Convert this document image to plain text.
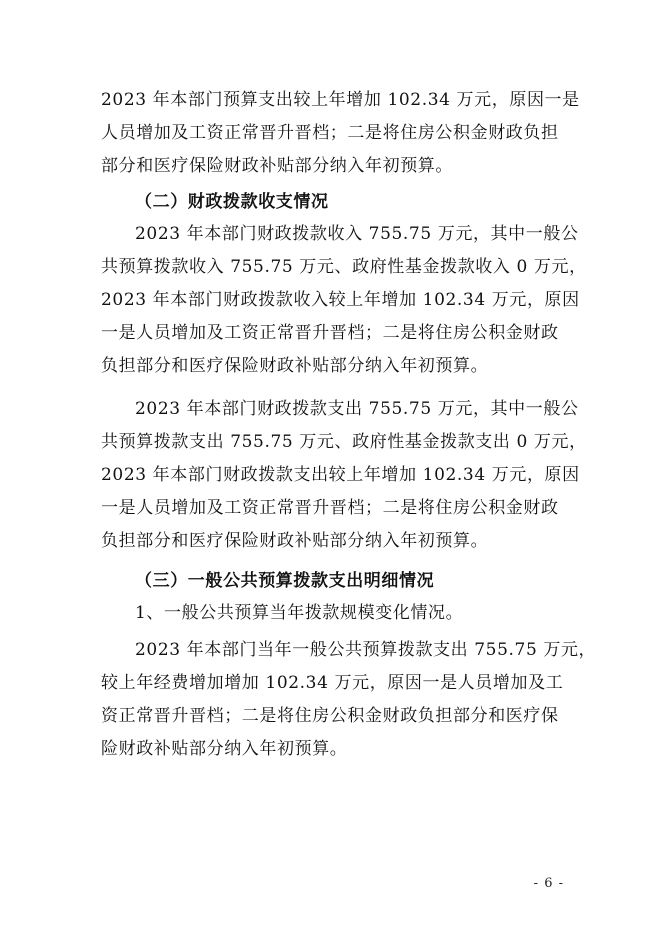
2023 年本部门预算支出较上年增加 102.34 万元，原因一是
人员增加及工资正常晋升晋档；二是将住房公积金财政负担
部分和医疗保险财政补贴部分纳入年初预算。
（二）财政拨款收支情况
2023 年本部门财政拨款收入 755.75 万元，其中一般公
共预算拨款收入 755.75 万元、政府性基金拨款收入 0 万元，
2023 年本部门财政拨款收入较上年增加 102.34 万元，原因
一是人员增加及工资正常晋升晋档；二是将住房公积金财政
负担部分和医疗保险财政补贴部分纳入年初预算。
2023 年本部门财政拨款支出 755.75 万元，其中一般公
共预算拨款支出 755.75 万元、政府性基金拨款支出 0 万元，
2023 年本部门财政拨款支出较上年增加 102.34 万元，原因
一是人员增加及工资正常晋升晋档；二是将住房公积金财政
负担部分和医疗保险财政补贴部分纳入年初预算。
（三）一般公共预算拨款支出明细情况
1、一般公共预算当年拨款规模变化情况。
2023 年本部门当年一般公共预算拨款支出 755.75 万元，
较上年经费增加增加 102.34 万元，原因一是人员增加及工
资正常晋升晋档；二是将住房公积金财政负担部分和医疗保
险财政补贴部分纳入年初预算。
- 6 -
